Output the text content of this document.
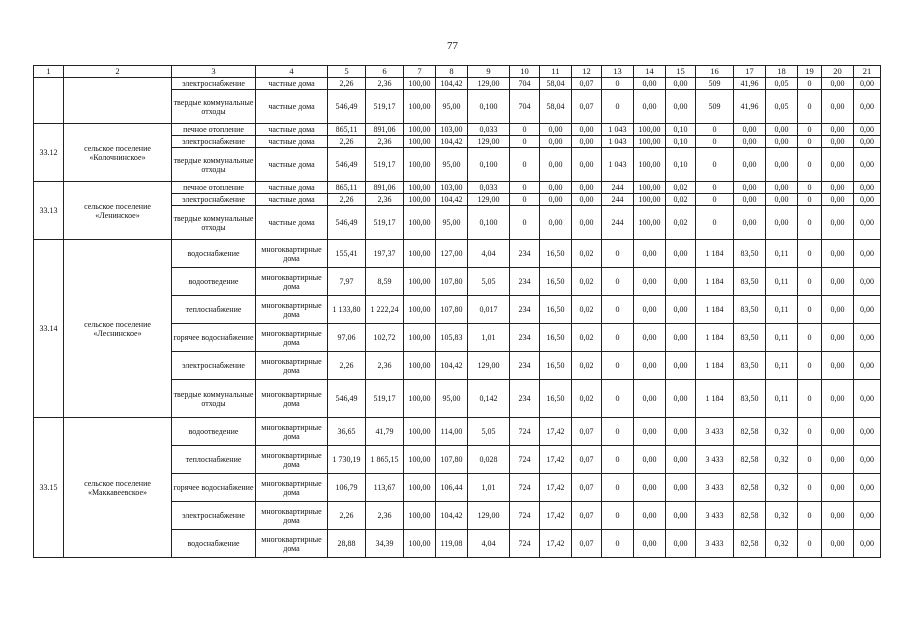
77
1	2	3	4	5	6	7	8	9	10	11	12	13	14	15	16	17	18	19	20	21
		электроснабжение	частные дома	2,26	2,36	100,00	104,42	129,00	704	58,04	0,07	0	0,00	0,00	509	41,96	0,05	0	0,00	0,00
		твердые коммунальные отходы	частные дома	546,49	519,17	100,00	95,00	0,100	704	58,04	0,07	0	0,00	0,00	509	41,96	0,05	0	0,00	0,00
33.12	сельское поселение «Колочнинское»	печное отопление	частные дома	865,11	891,06	100,00	103,00	0,033	0	0,00	0,00	1 043	100,00	0,10	0	0,00	0,00	0	0,00	0,00
		электроснабжение	частные дома	2,26	2,36	100,00	104,42	129,00	0	0,00	0,00	1 043	100,00	0,10	0	0,00	0,00	0	0,00	0,00
		твердые коммунальные отходы	частные дома	546,49	519,17	100,00	95,00	0,100	0	0,00	0,00	1 043	100,00	0,10	0	0,00	0,00	0	0,00	0,00
33.13	сельское поселение «Ленинское»	печное отопление	частные дома	865,11	891,06	100,00	103,00	0,033	0	0,00	0,00	244	100,00	0,02	0	0,00	0,00	0	0,00	0,00
		электроснабжение	частные дома	2,26	2,36	100,00	104,42	129,00	0	0,00	0,00	244	100,00	0,02	0	0,00	0,00	0	0,00	0,00
		твердые коммунальные отходы	частные дома	546,49	519,17	100,00	95,00	0,100	0	0,00	0,00	244	100,00	0,02	0	0,00	0,00	0	0,00	0,00
33.14	сельское поселение «Леснинское»	водоснабжение	многоквартирные дома	155,41	197,37	100,00	127,00	4,04	234	16,50	0,02	0	0,00	0,00	1 184	83,50	0,11	0	0,00	0,00
		водоотведение	многоквартирные дома	7,97	8,59	100,00	107,80	5,05	234	16,50	0,02	0	0,00	0,00	1 184	83,50	0,11	0	0,00	0,00
		теплоснабжение	многоквартирные дома	1 133,80	1 222,24	100,00	107,80	0,017	234	16,50	0,02	0	0,00	0,00	1 184	83,50	0,11	0	0,00	0,00
		горячее водоснабжение	многоквартирные дома	97,06	102,72	100,00	105,83	1,01	234	16,50	0,02	0	0,00	0,00	1 184	83,50	0,11	0	0,00	0,00
		электроснабжение	многоквартирные дома	2,26	2,36	100,00	104,42	129,00	234	16,50	0,02	0	0,00	0,00	1 184	83,50	0,11	0	0,00	0,00
		твердые коммунальные отходы	многоквартирные дома	546,49	519,17	100,00	95,00	0,142	234	16,50	0,02	0	0,00	0,00	1 184	83,50	0,11	0	0,00	0,00
33.15	сельское поселение «Маккавеевское»	водоотведение	многоквартирные дома	36,65	41,79	100,00	114,00	5,05	724	17,42	0,07	0	0,00	0,00	3 433	82,58	0,32	0	0,00	0,00
		теплоснабжение	многоквартирные дома	1 730,19	1 865,15	100,00	107,80	0,028	724	17,42	0,07	0	0,00	0,00	3 433	82,58	0,32	0	0,00	0,00
		горячее водоснабжение	многоквартирные дома	106,79	113,67	100,00	106,44	1,01	724	17,42	0,07	0	0,00	0,00	3 433	82,58	0,32	0	0,00	0,00
		электроснабжение	многоквартирные дома	2,26	2,36	100,00	104,42	129,00	724	17,42	0,07	0	0,00	0,00	3 433	82,58	0,32	0	0,00	0,00
		водоснабжение	многоквартирные дома	28,88	34,39	100,00	119,08	4,04	724	17,42	0,07	0	0,00	0,00	3 433	82,58	0,32	0	0,00	0,00
